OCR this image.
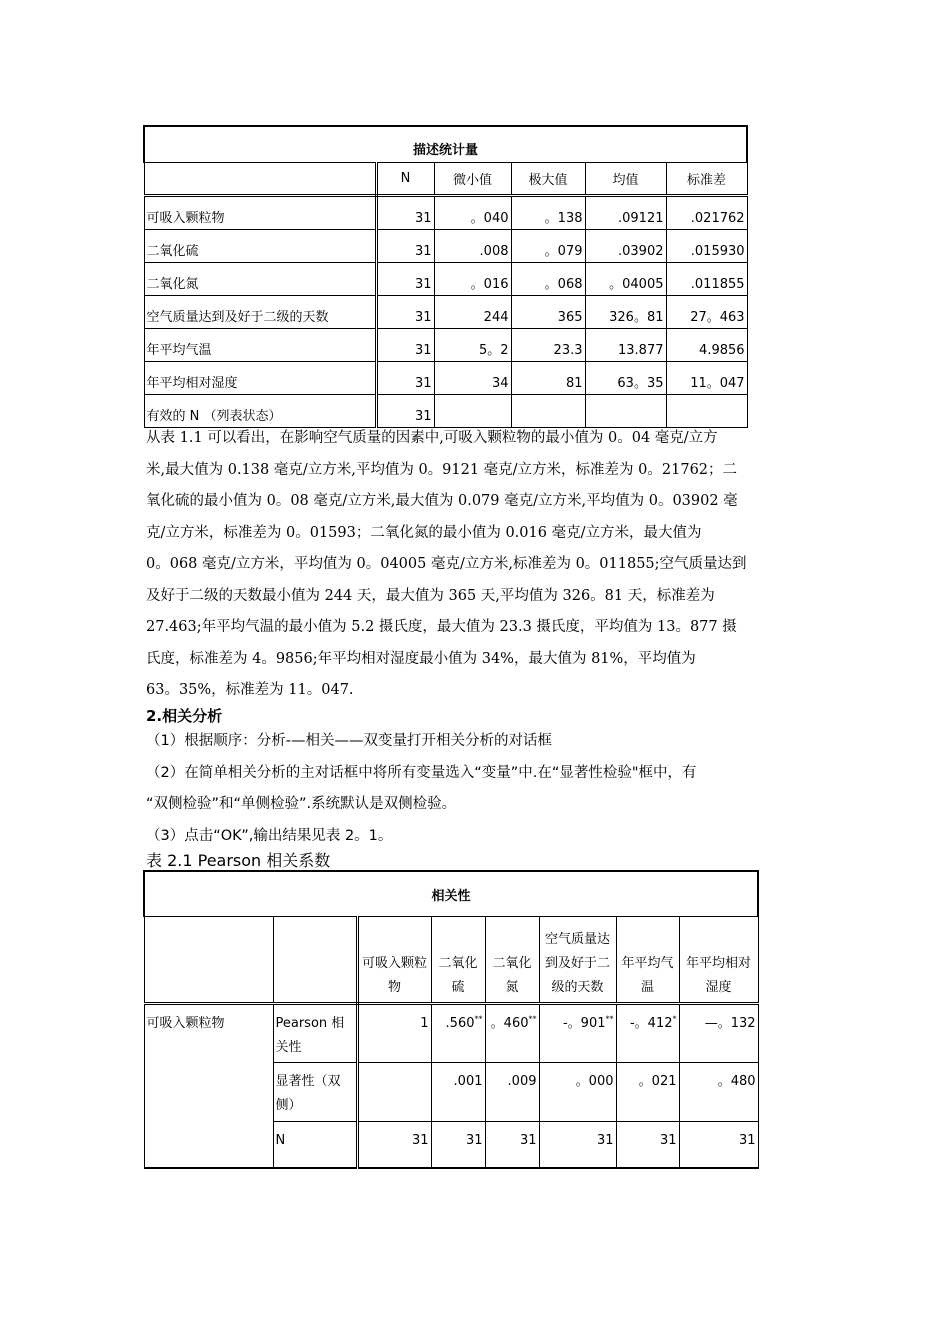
描述统计量					
	N	微小值	极大值	均值	标准差
可吸入颗粒物	31	。040	。138	.09121	.021762
二氧化硫	31	.008	。079	.03902	.015930
二氧化氮	31	。016	。068	。04005	.011855
空气质量达到及好于二级的天数	31	244	365	326。81	27。463
年平均气温	31	5。2	23.3	13.877	4.9856
年平均相对湿度	31	34	81	63。35	11。047
有效的 N （列表状态）	31				
从表 1.1 可以看出，在影响空气质量的因素中,可吸入颗粒物的最小值为 0。04 毫克/立方
米,最大值为 0.138 毫克/立方米,平均值为 0。9121 毫克/立方米，标准差为 0。21762；二
氧化硫的最小值为 0。08 毫克/立方米,最大值为 0.079 毫克/立方米,平均值为 0。03902 毫
克/立方米，标准差为 0。01593；二氧化氮的最小值为 0.016 毫克/立方米，最大值为
0。068 毫克/立方米，平均值为 0。04005 毫克/立方米,标准差为 0。011855;空气质量达到
及好于二级的天数最小值为 244 天，最大值为 365 天,平均值为 326。81 天，标准差为
27.463;年平均气温的最小值为 5.2 摄氏度，最大值为 23.3 摄氏度，平均值为 13。877 摄
氏度，标准差为 4。9856;年平均相对湿度最小值为 34%，最大值为 81%，平均值为
63。35%，标准差为 11。047.
2.相关分析
（1）根据顺序：分析-—相关——双变量打开相关分析的对话框
（2）在简单相关分析的主对话框中将所有变量选入“变量”中.在“显著性检验"框中，有
“双侧检验”和“单侧检验”.系统默认是双侧检验。
（3）点击“OK”,输出结果见表 2。1。
表 2.1 Pearson 相关系数
相关性							
		可吸入颗粒物	二氧化硫	二氧化氮	空气质量达到及好于二级的天数	年平均气温	年平均相对湿度
可吸入颗粒物	Pearson 相关性	1	.560**	。460**	-。901**	-。412*	—。132
	显著性（双侧）		.001	.009	。000	。021	。480
	N	31	31	31	31	31	31
